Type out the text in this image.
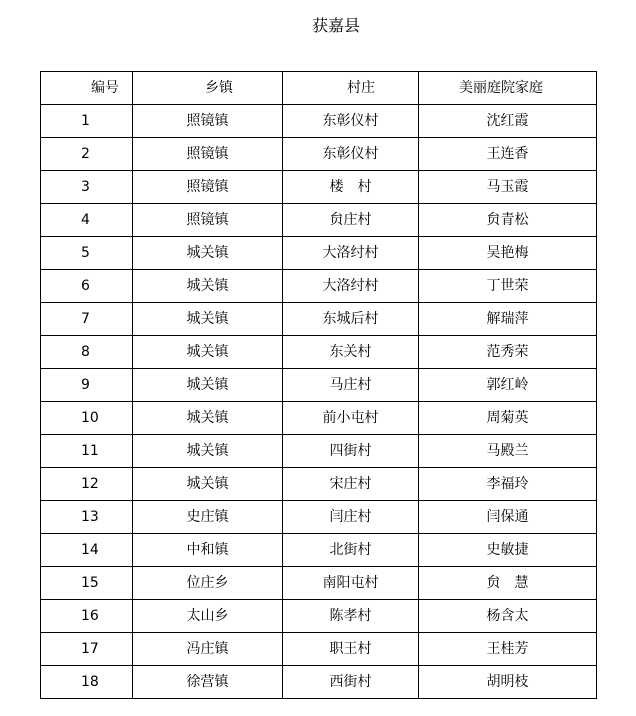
获嘉县
编号	乡镇	村庄	美丽庭院家庭
1	照镜镇	东彰仪村	沈红霞
2	照镜镇	东彰仪村	王连香
3	照镜镇	楼　村	马玉霞
4	照镜镇	贠庄村	贠青松
5	城关镇	大洛纣村	吴艳梅
6	城关镇	大洛纣村	丁世荣
7	城关镇	东城后村	解瑞萍
8	城关镇	东关村	范秀荣
9	城关镇	马庄村	郭红岭
10	城关镇	前小屯村	周菊英
11	城关镇	四街村	马殿兰
12	城关镇	宋庄村	李福玲
13	史庄镇	闫庄村	闫保通
14	中和镇	北街村	史敏捷
15	位庄乡	南阳屯村	贠　慧
16	太山乡	陈孝村	杨含太
17	冯庄镇	职王村	王桂芳
18	徐营镇	西街村	胡明枝
